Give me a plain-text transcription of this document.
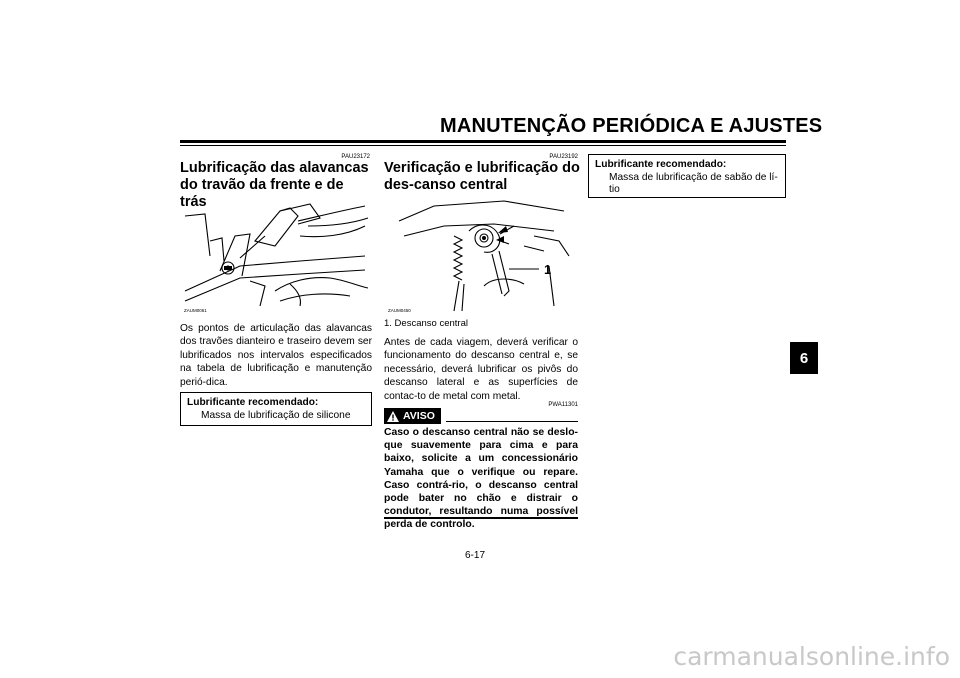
MANUTENÇÃO PERIÓDICA E AJUSTES
6
PAU23172
Lubrificação das alavancas do travão da frente e de trás
ZAUM0061

Os pontos de articulação das alavancas dos travões dianteiro e traseiro devem ser lubrificados nos intervalos especificados na tabela de lubrificação e manutenção perió-dica.

Lubrificante recomendado:
Massa de lubrificação de silicone
PAU23192
Verificação e lubrificação do des-canso central
1
ZAUM0450
1. Descanso central

Antes de cada viagem, deverá verificar o funcionamento do descanso central e, se necessário, deverá lubrificar os pivôs do descanso lateral e as superfícies de contac-to de metal com metal.

AVISO
PWA11301

Caso o descanso central não se deslo-que suavemente para cima e para baixo, solicite a um concessionário Yamaha que o verifique ou repare. Caso contrá-rio, o descanso central pode bater no chão e distrair o condutor, resultando numa possível perda de controlo.

Lubrificante recomendado:
Massa de lubrificação de sabão de lí-tio
6-17
carmanualsonline.info
